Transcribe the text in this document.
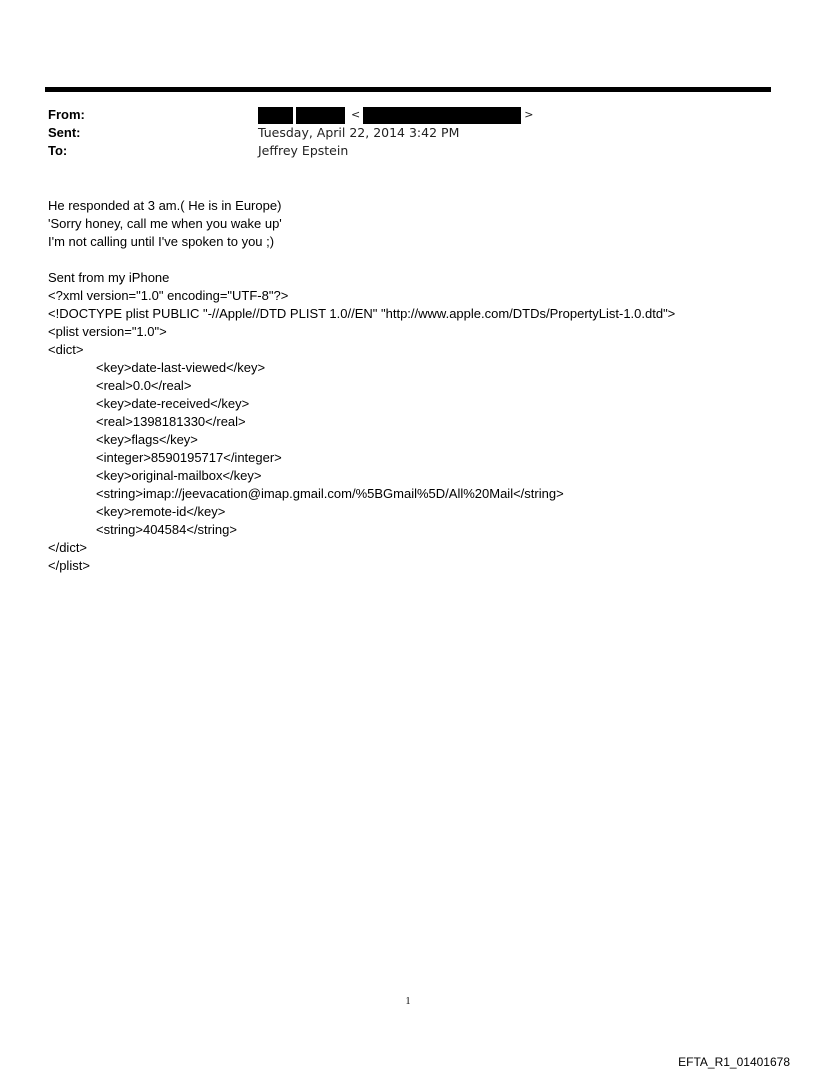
From:	<	>
Sent:	Tuesday, April 22, 2014 3:42 PM
To:	Jeffrey Epstein
He responded at 3 am.( He is in Europe)
'Sorry honey, call me when you wake up'
I'm not calling until I've spoken to you ;)
Sent from my iPhone
<?xml version="1.0" encoding="UTF-8"?>
<!DOCTYPE plist PUBLIC "-//Apple//DTD PLIST 1.0//EN" "http://www.apple.com/DTDs/PropertyList-1.0.dtd">
<plist version="1.0">
<dict>
<key>date-last-viewed</key>
<real>0.0</real>
<key>date-received</key>
<real>1398181330</real>
<key>flags</key>
<integer>8590195717</integer>
<key>original-mailbox</key>
<string>imap://jeevacation@imap.gmail.com/%5BGmail%5D/All%20Mail</string>
<key>remote-id</key>
<string>404584</string>
</dict>
</plist>
1
EFTA_R1_01401678
